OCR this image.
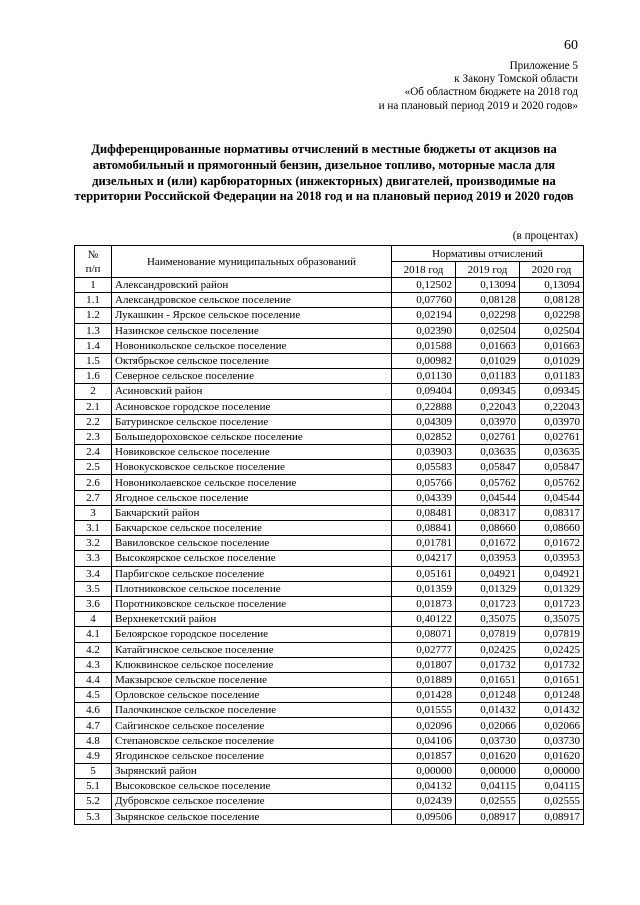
60
Приложение 5
к Закону Томской области
«Об областном бюджете на 2018 год
и на плановый период 2019 и 2020 годов»
Дифференцированные нормативы отчислений в местные бюджеты от акцизов на автомобильный и прямогонный бензин, дизельное топливо, моторные масла для дизельных и (или) карбюраторных (инжекторных) двигателей, производимые на территории Российской Федерации на 2018 год и на плановый период 2019 и 2020 годов
(в процентах)
№
п/п	Наименование муниципальных образований	Нормативы отчислений		
		2018 год	2019 год	2020 год
1	Александровский район	0,12502	0,13094	0,13094
1.1	Александровское сельское поселение	0,07760	0,08128	0,08128
1.2	Лукашкин - Ярское сельское поселение	0,02194	0,02298	0,02298
1.3	Назинское сельское поселение	0,02390	0,02504	0,02504
1.4	Новоникольское сельское поселение	0,01588	0,01663	0,01663
1.5	Октябрьское сельское поселение	0,00982	0,01029	0,01029
1.6	Северное сельское поселение	0,01130	0,01183	0,01183
2	Асиновский район	0,09404	0,09345	0,09345
2.1	Асиновское городское поселение	0,22888	0,22043	0,22043
2.2	Батуринское сельское поселение	0,04309	0,03970	0,03970
2.3	Большедороховское сельское поселение	0,02852	0,02761	0,02761
2.4	Новиковское сельское поселение	0,03903	0,03635	0,03635
2.5	Новокусковское сельское поселение	0,05583	0,05847	0,05847
2.6	Новониколаевское сельское поселение	0,05766	0,05762	0,05762
2.7	Ягодное сельское поселение	0,04339	0,04544	0,04544
3	Бакчарский район	0,08481	0,08317	0,08317
3.1	Бакчарское сельское поселение	0,08841	0,08660	0,08660
3.2	Вавиловское сельское поселение	0,01781	0,01672	0,01672
3.3	Высокоярское сельское поселение	0,04217	0,03953	0,03953
3.4	Парбигское сельское поселение	0,05161	0,04921	0,04921
3.5	Плотниковское сельское поселение	0,01359	0,01329	0,01329
3.6	Поротниковское сельское поселение	0,01873	0,01723	0,01723
4	Верхнекетский район	0,40122	0,35075	0,35075
4.1	Белоярское городское поселение	0,08071	0,07819	0,07819
4.2	Катайгинское сельское поселение	0,02777	0,02425	0,02425
4.3	Клюквинское сельское поселение	0,01807	0,01732	0,01732
4.4	Макзырское сельское поселение	0,01889	0,01651	0,01651
4.5	Орловское сельское поселение	0,01428	0,01248	0,01248
4.6	Палочкинское сельское поселение	0,01555	0,01432	0,01432
4.7	Сайгинское сельское поселение	0,02096	0,02066	0,02066
4.8	Степановское сельское поселение	0,04106	0,03730	0,03730
4.9	Ягодинское сельское поселение	0,01857	0,01620	0,01620
5	Зырянский район	0,00000	0,00000	0,00000
5.1	Высоковское сельское поселение	0,04132	0,04115	0,04115
5.2	Дубровское сельское поселение	0,02439	0,02555	0,02555
5.3	Зырянское сельское поселение	0,09506	0,08917	0,08917
